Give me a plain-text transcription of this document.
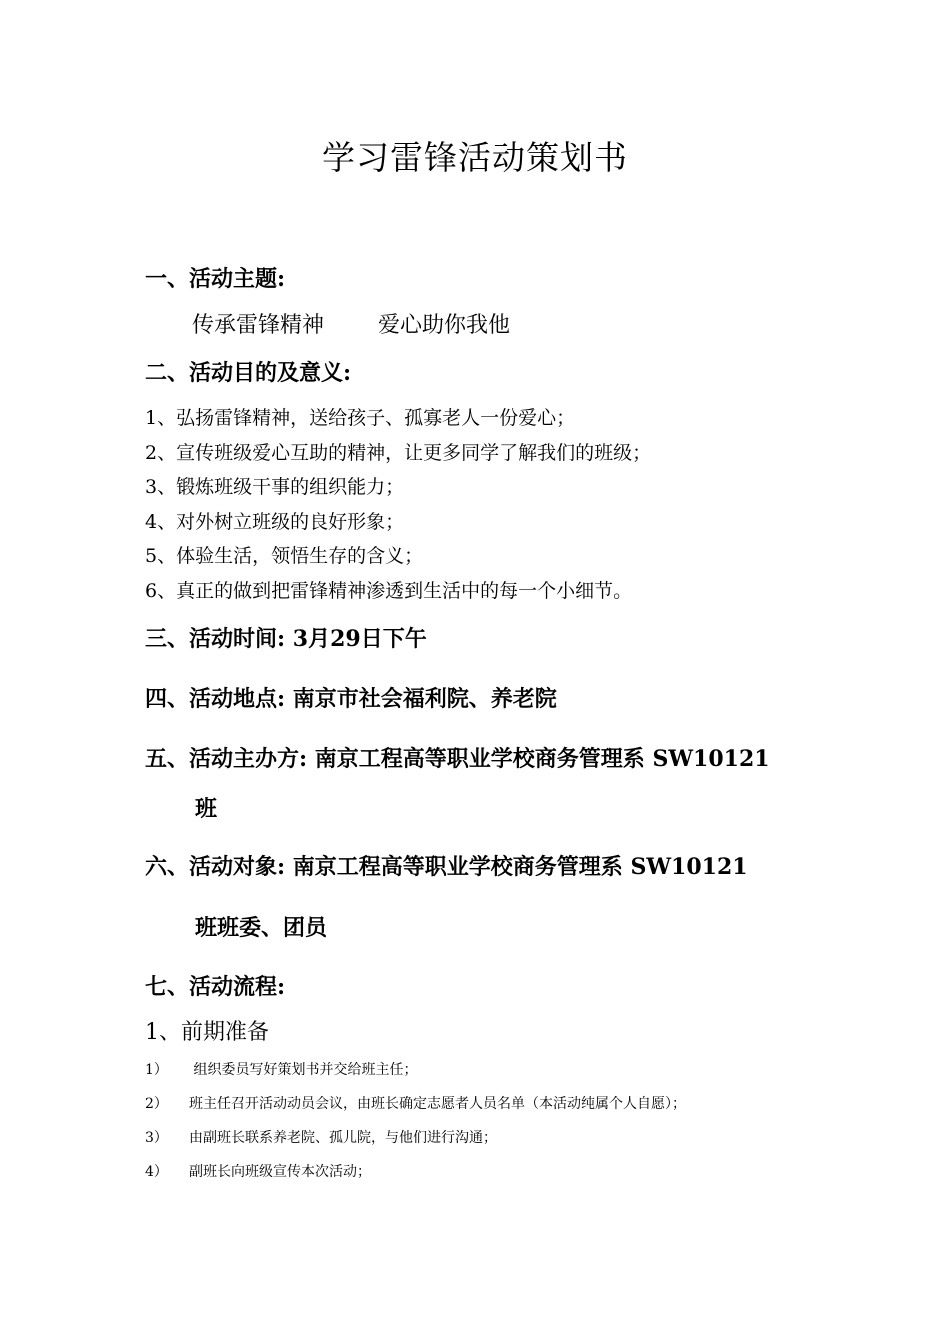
学习雷锋活动策划书
一、活动主题:
传承雷锋精神 爱心助你我他
二、活动目的及意义:
1、弘扬雷锋精神，送给孩子、孤寡老人一份爱心；
2、宣传班级爱心互助的精神，让更多同学了解我们的班级；
3、锻炼班级干事的组织能力；
4、对外树立班级的良好形象；
5、体验生活，领悟生存的含义；
6、真正的做到把雷锋精神渗透到生活中的每一个小细节。
三、活动时间: 3月29日下午
四、活动地点: 南京市社会福利院、养老院
五、活动主办方: 南京工程高等职业学校商务管理系 SW10121
班
六、活动对象: 南京工程高等职业学校商务管理系 SW10121
班班委、团员
七、活动流程:
1、前期准备
1） 组织委员写好策划书并交给班主任；
2） 班主任召开活动动员会议，由班长确定志愿者人员名单（本活动纯属个人自愿）；
3） 由副班长联系养老院、孤儿院，与他们进行沟通；
4） 副班长向班级宣传本次活动；
